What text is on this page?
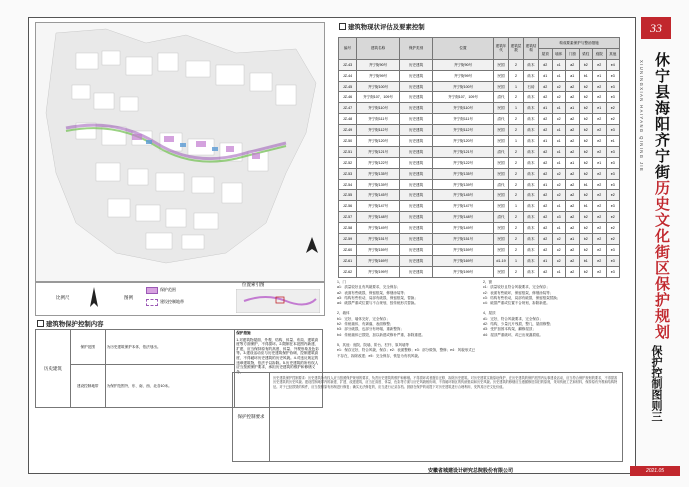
比例尺	图例
保护范围
建设控制地带
位置索引图
建筑物现状评估及要素控制
编号	建筑名称	保护类别	位置	建筑年代	建筑层数	建筑结构	构成要素保护与整治措施					
							屋顶	墙体	门窗	梁柱	庭院	其他
JZ-43	齐宁街90号	历史建筑	齐宁街90号	民国	2	砖木	d2	c1	a2	b2	e2	e4
JZ-44	齐宁街99号	历史建筑	齐宁街99号	民国	2	砖木	d1	c1	a1	b1	e1	e3
JZ-45	齐宁街100号	历史建筑	齐宁街100号	民国	1	石砖	d2	c2	a2	b2	e2	e3
JZ-46	齐宁街107、109号	历史建筑	齐宁街107、109号	清代	2	砖木	d2	c2	a2	b2	e2	e3
JZ-47	齐宁街110号	历史建筑	齐宁街110号	民国	1	砖木	d1	c1	a1	b2	e1	e2
JZ-48	齐宁街111号	历史建筑	齐宁街111号	清代	2	砖木	d2	c2	a2	b2	e2	e2
JZ-49	齐宁街112号	历史建筑	齐宁街112号	民国	2	砖木	d2	c1	a2	b2	e2	e3
JZ-50	齐宁街120号	历史建筑	齐宁街120号	民国	1	砖木	d1	c1	a2	b2	e2	e1
JZ-51	齐宁街121号	历史建筑	齐宁街121号	清代	2	砖木	d2	c1	a2	b2	e2	e3
JZ-52	齐宁街122号	历史建筑	齐宁街122号	民国	2	砖木	d2	c1	a1	b2	e1	e3
JZ-53	齐宁街135号	历史建筑	齐宁街135号	民国	2	砖木	d2	c2	a2	b2	e2	e3
JZ-54	齐宁街139号	历史建筑	齐宁街139号	清代	2	砖木	d1	c2	a2	b1	e2	e3
JZ-55	齐宁街145号	历史建筑	齐宁街145号	民国	2	砖木	d2	c2	a2	b2	e2	e2
JZ-56	齐宁街147号	历史建筑	齐宁街147号	民国	1	砖木	d2	c1	a2	b1	e2	e3
JZ-57	齐宁街148号	历史建筑	齐宁街148号	清代	2	砖木	d2	c3	a2	b2	e2	e2
JZ-58	齐宁街149号	历史建筑	齐宁街149号	民国	2	砖木	d2	c1	a2	b2	e2	e2
JZ-59	齐宁街151号	历史建筑	齐宁街151号	民国	2	砖木	d2	c2	a1	b2	e2	e2
JZ-60	齐宁街159号	历史建筑	齐宁街159号	民国	2	砖木	d2	c2	a2	b2	e2	e3
JZ-61	齐宁街169号	历史建筑	齐宁街169号	d1-19	1	砖木	d1	c2	a2	b1	e2	e3
JZ-62	齐宁街199号	历史建筑	齐宁街199号	民国	2	砖木	d2	c1	a2	b2	e2	e3
1、门
a1：质量较好且有风貌要求，完全保存；
a2：表面有些破损，保留框架，修缮涂装等；
a3：结构有些松动，局部有破损，保留框架，替换；
a4：破损严重或位置与不合规划，按传统形式替换。
2、墙体
b1：完好，墙体完好，完全保存；
b2：传统墙体，有剥落，表面修整；
b3：部分破损，也部分有坍塌，重新整饰；
b4：传统墙体已损毁，加以新建或修补严重，拆除重建。
5、其他：庭院、院墙、阶台、栏杆、原风墙等
e1：保存完好，符合风貌，保存；e2：表面整修；e3：部分做饰，整修；e4：风貌形式已不存在，拆除改建；e5：完全保存，恢复为有机风貌。
2、窗
c1：质量较好且符合风貌要求，完全保存；
c2：表面有些破坏，保留框架，修缮涂装等；
c3：结构有些松动，局部有破损，保留框架替换；
c4：破损严重或位置不合规划，拆除新建。
4、屋顶
d1：完好，符合风貌要求，完全保存；
d2：结构，少量瓦片残损，整几，屋面修整；
d3：受护加固本构架，翻修屋顶；
d4：屋顶严重破坏，或已出现漏损痕。
建筑物保护控制内容
历史建筑	保护范围	为历史建筑保护本体，依法划出。	保护措施
1.对建筑物屋面、外观、结构、体量、布局、建筑高度等方面保护，不得损坏。2.限制在本范围内新建、扩建，应当保持原有的高度、体量、外观形象及色彩等。3.建设活动应与历史建筑保护协调，控制建筑高度，不得破坏历史建筑的历史风貌。4.对违反规定的违章建筑物，依法予以拆除。5.历史建筑的所有权人应当按照保护要求，承担历史建筑的维护和修缮义务。
	建设控制地带	为保护范围外，东、南、西、北各10米。	
保护控制要求
历史建筑保护控制要求：历史建筑所有权人应当按照保护规划的要求，负责历史建筑的维护和修缮。不得损坏或者擅自迁移、拆除历史建筑。对历史建筑实施原址保护，在历史建筑的保护范围内从事建设活动，应当符合保护规划的要求，不得损害历史建筑的历史风貌。建设控制地带内的新建、扩建、改建建筑，应当在高度、体量、色彩等方面与历史风貌相协调，不得破坏街区的传统格局和历史风貌。历史建筑的修缮应当遵循修旧如旧的原则，采用传统工艺和材料，保持原有外观和结构特征。对于已经损毁的构件，应当按照原有形制进行修复；确实无法修复的，应当进行记录存档。鼓励在保护的前提下对历史建筑进行合理利用，发挥其历史文化价值。
安徽省城建设计研究总院股份有限公司
33
XIUNINGXIAN HAIYANG QINING JIE 休宁县海阳齐宁街历史文化街区保护规划
保护控制图则三
2021.05
